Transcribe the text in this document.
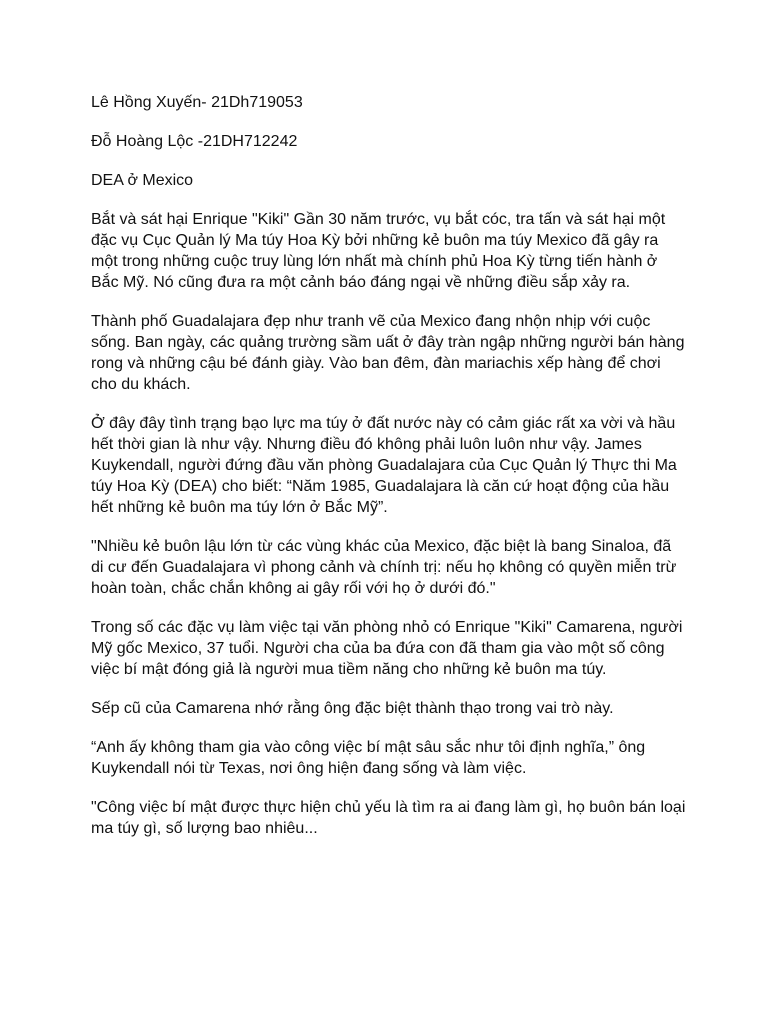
Lê Hồng Xuyến- 21Dh719053
Đỗ Hoàng Lộc -21DH712242
DEA ở Mexico

Bắt và sát hại Enrique "Kiki" Gần 30 năm trước, vụ bắt cóc, tra tấn và sát hại một đặc vụ Cục Quản lý Ma túy Hoa Kỳ bởi những kẻ buôn ma túy Mexico đã gây ra một trong những cuộc truy lùng lớn nhất mà chính phủ Hoa Kỳ từng tiến hành ở Bắc Mỹ. Nó cũng đưa ra một cảnh báo đáng ngại về những điều sắp xảy ra.

Thành phố Guadalajara đẹp như tranh vẽ của Mexico đang nhộn nhịp với cuộc sống. Ban ngày, các quảng trường sầm uất ở đây tràn ngập những người bán hàng rong và những cậu bé đánh giày. Vào ban đêm, đàn mariachis xếp hàng để chơi cho du khách.

Ở đây đây tình trạng bạo lực ma túy ở đất nước này có cảm giác rất xa vời và hầu hết thời gian là như vậy. Nhưng điều đó không phải luôn luôn như vậy. James Kuykendall, người đứng đầu văn phòng Guadalajara của Cục Quản lý Thực thi Ma túy Hoa Kỳ (DEA) cho biết: “Năm 1985, Guadalajara là căn cứ hoạt động của hầu hết những kẻ buôn ma túy lớn ở Bắc Mỹ”.

"Nhiều kẻ buôn lậu lớn từ các vùng khác của Mexico, đặc biệt là bang Sinaloa, đã di cư đến Guadalajara vì phong cảnh và chính trị: nếu họ không có quyền miễn trừ hoàn toàn, chắc chắn không ai gây rối với họ ở dưới đó."

Trong số các đặc vụ làm việc tại văn phòng nhỏ có Enrique "Kiki" Camarena, người Mỹ gốc Mexico, 37 tuổi. Người cha của ba đứa con đã tham gia vào một số công việc bí mật đóng giả là người mua tiềm năng cho những kẻ buôn ma túy.

Sếp cũ của Camarena nhớ rằng ông đặc biệt thành thạo trong vai trò này.

“Anh ấy không tham gia vào công việc bí mật sâu sắc như tôi định nghĩa,” ông Kuykendall nói từ Texas, nơi ông hiện đang sống và làm việc.

"Công việc bí mật được thực hiện chủ yếu là tìm ra ai đang làm gì, họ buôn bán loại ma túy gì, số lượng bao nhiêu...
